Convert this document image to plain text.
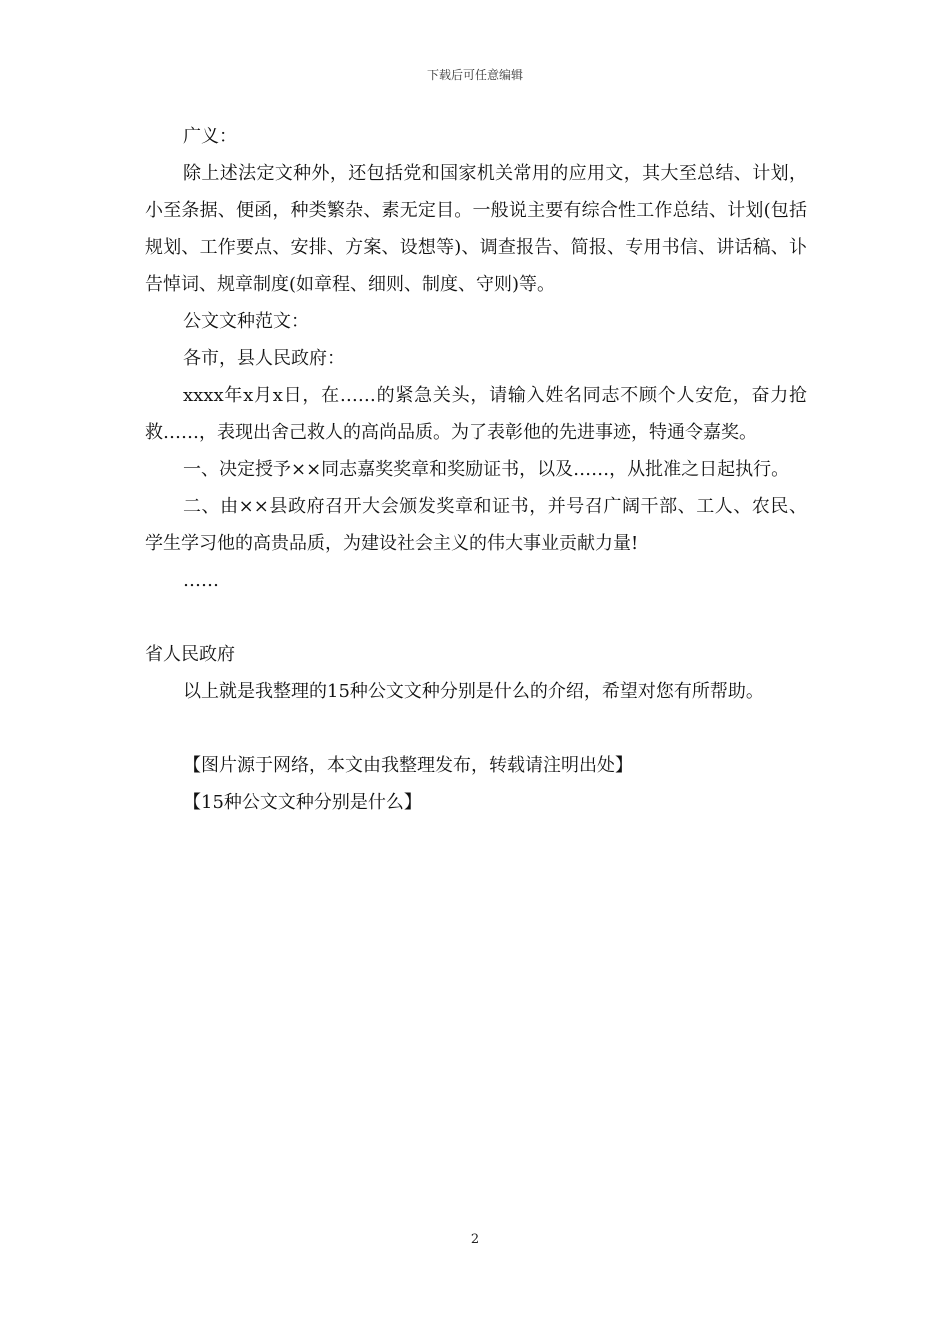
下载后可任意编辑

广义：

除上述法定文种外，还包括党和国家机关常用的应用文，其大至总结、计划，小至条据、便函，种类繁杂、素无定目。一般说主要有综合性工作总结、计划(包括规划、工作要点、安排、方案、设想等)、调查报告、简报、专用书信、讲话稿、讣告悼词、规章制度(如章程、细则、制度、守则)等。

公文文种范文：

各市，县人民政府：

xxxx年x月x日，在……的紧急关头，请输入姓名同志不顾个人安危，奋力抢救……，表现出舍己救人的高尚品质。为了表彰他的先进事迹，特通令嘉奖。

一、决定授予××同志嘉奖奖章和奖励证书，以及……，从批准之日起执行。

二、由××县政府召开大会颁发奖章和证书，并号召广阔干部、工人、农民、学生学习他的高贵品质，为建设社会主义的伟大事业贡献力量!

……

省人民政府

以上就是我整理的15种公文文种分别是什么的介绍，希望对您有所帮助。

【图片源于网络，本文由我整理发布，转载请注明出处】

【15种公文文种分别是什么】

2
